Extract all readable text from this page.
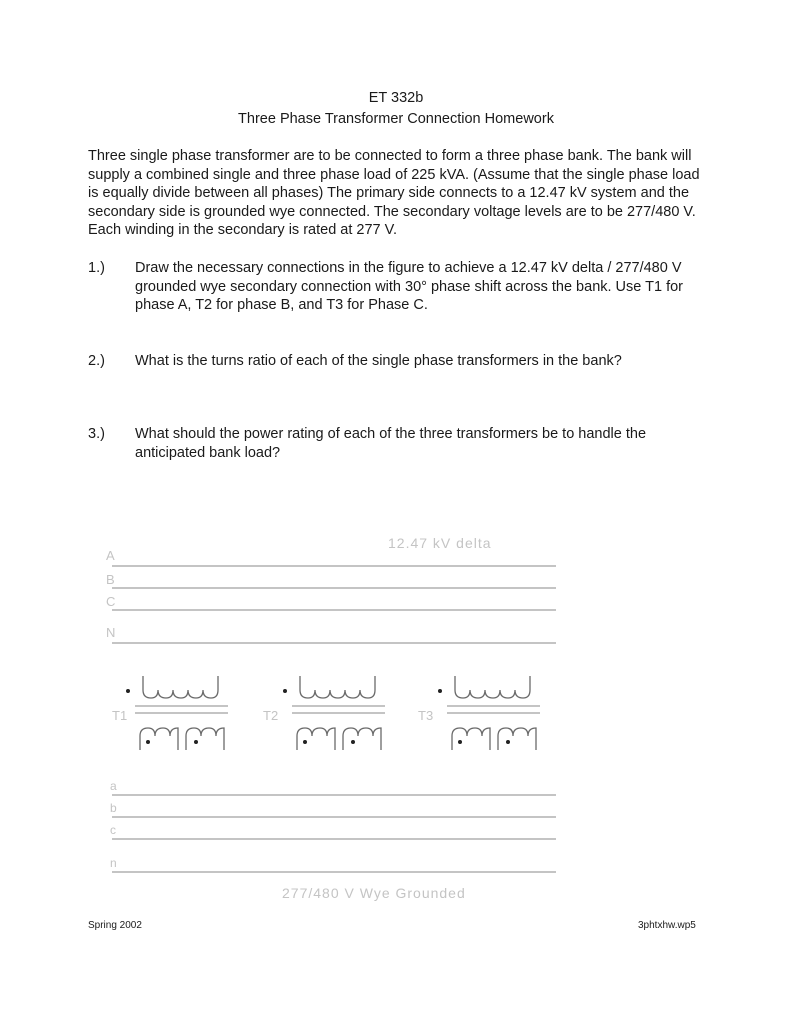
ET 332b
Three Phase Transformer Connection Homework
Three single phase transformer are to be connected to form a three phase bank. The bank will supply a combined single and three phase load of 225 kVA. (Assume that the single phase load is equally divide between all phases) The primary side connects to a 12.47 kV system and the secondary side is grounded wye connected. The secondary voltage levels are to be 277/480 V. Each winding in the secondary is rated at 277 V.
1.) Draw the necessary connections in the figure to achieve a 12.47 kV delta / 277/480 V grounded wye secondary connection with 30° phase shift across the bank. Use T1 for phase A, T2 for phase B, and T3 for Phase C.
2.) What is the turns ratio of each of the single phase transformers in the bank?
3.) What should the power rating of each of the three transformers be to handle the anticipated bank load?
12.47 kV delta
A
B
C
N
T1	T2	T3
a
b
c
n
277/480 V Wye Grounded
Spring 2002	3phtxhw.wp5
